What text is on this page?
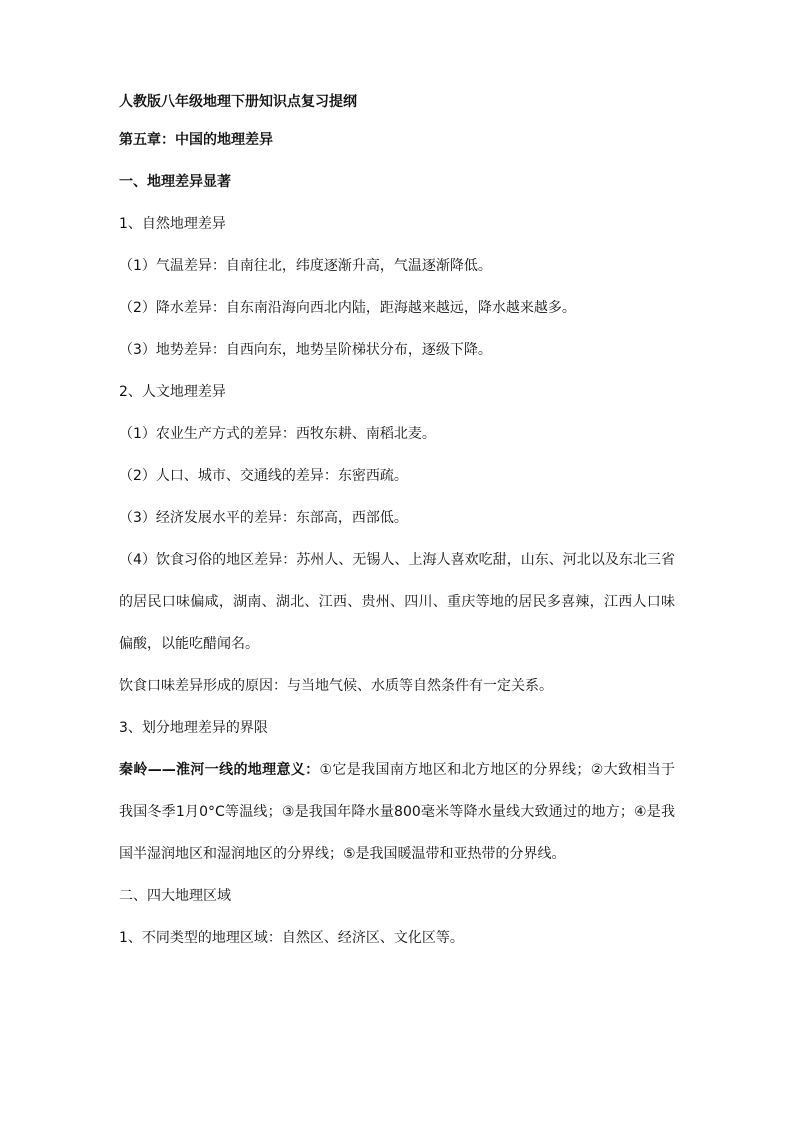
人教版八年级地理下册知识点复习提纲

第五章：中国的地理差异

一、地理差异显著

1、自然地理差异

（1）气温差异：自南往北，纬度逐渐升高，气温逐渐降低。

（2）降水差异：自东南沿海向西北内陆，距海越来越远，降水越来越多。

（3）地势差异：自西向东，地势呈阶梯状分布，逐级下降。

2、人文地理差异

（1）农业生产方式的差异：西牧东耕、南稻北麦。

（2）人口、城市、交通线的差异：东密西疏。

（3）经济发展水平的差异：东部高，西部低。

（4）饮食习俗的地区差异：苏州人、无锡人、上海人喜欢吃甜，山东、河北以及东北三省的居民口味偏咸，湖南、湖北、江西、贵州、四川、重庆等地的居民多喜辣，江西人口味偏酸，以能吃醋闻名。

饮食口味差异形成的原因：与当地气候、水质等自然条件有一定关系。

3、划分地理差异的界限

秦岭——淮河一线的地理意义：①它是我国南方地区和北方地区的分界线；②大致相当于我国冬季1月0°C等温线；③是我国年降水量800毫米等降水量线大致通过的地方；④是我国半湿润地区和湿润地区的分界线；⑤是我国暖温带和亚热带的分界线。

二、四大地理区域

1、不同类型的地理区域：自然区、经济区、文化区等。
